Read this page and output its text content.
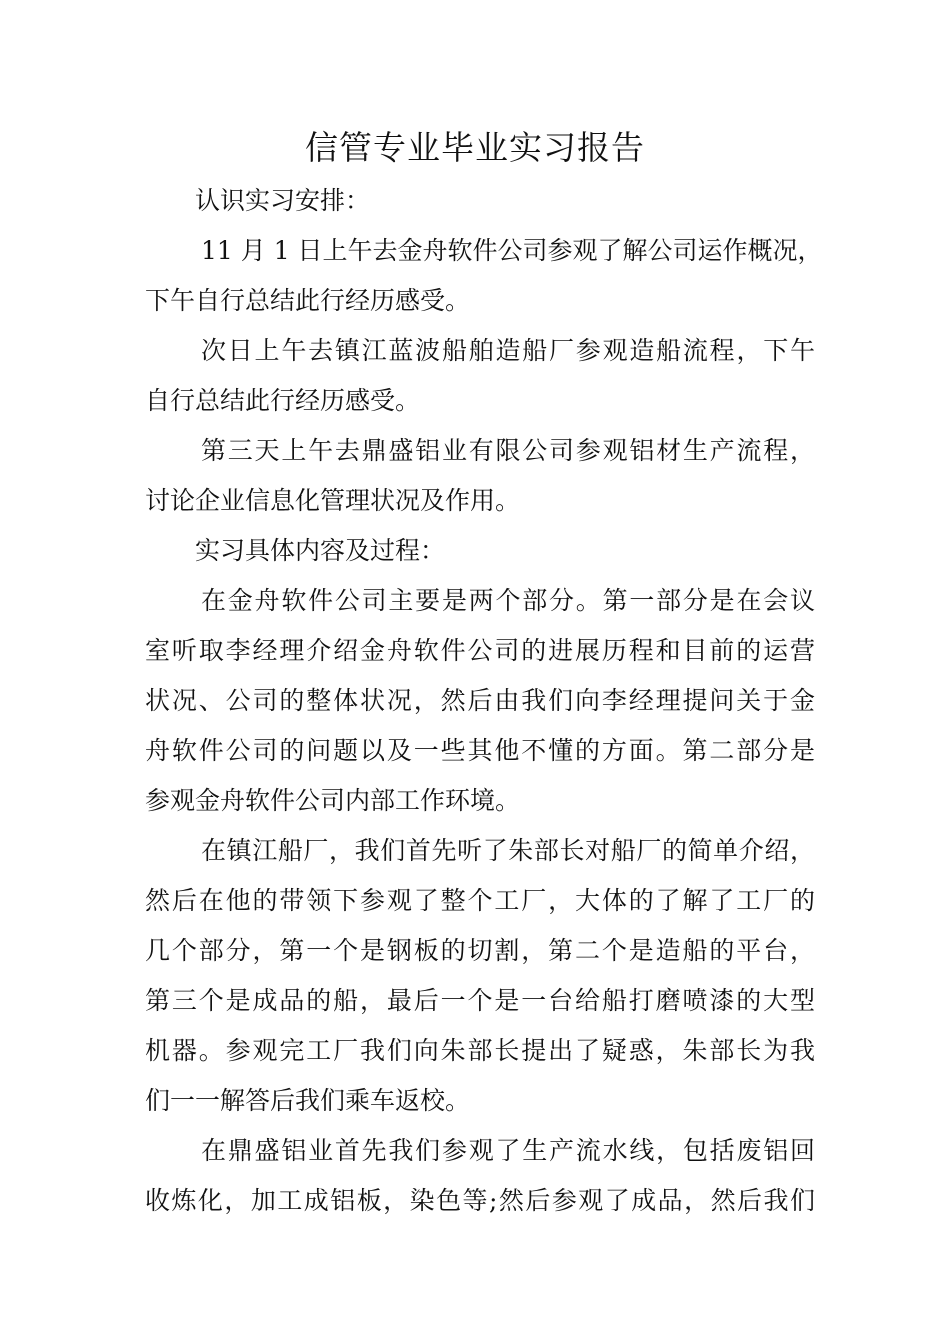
信管专业毕业实习报告

认识实习安排：

11 月 1 日上午去金舟软件公司参观了解公司运作概况，
下午自行总结此行经历感受。
次日上午去镇江蓝波船舶造船厂参观造船流程，下午
自行总结此行经历感受。
第三天上午去鼎盛铝业有限公司参观铝材生产流程，
讨论企业信息化管理状况及作用。

实习具体内容及过程：

在金舟软件公司主要是两个部分。第一部分是在会议
室听取李经理介绍金舟软件公司的进展历程和目前的运营
状况、公司的整体状况，然后由我们向李经理提问关于金
舟软件公司的问题以及一些其他不懂的方面。第二部分是
参观金舟软件公司内部工作环境。
在镇江船厂，我们首先听了朱部长对船厂的简单介绍，
然后在他的带领下参观了整个工厂，大体的了解了工厂的
几个部分，第一个是钢板的切割，第二个是造船的平台，
第三个是成品的船，最后一个是一台给船打磨喷漆的大型
机器。参观完工厂我们向朱部长提出了疑惑，朱部长为我
们一一解答后我们乘车返校。
在鼎盛铝业首先我们参观了生产流水线，包括废铝回
收炼化，加工成铝板，染色等;然后参观了成品，然后我们
